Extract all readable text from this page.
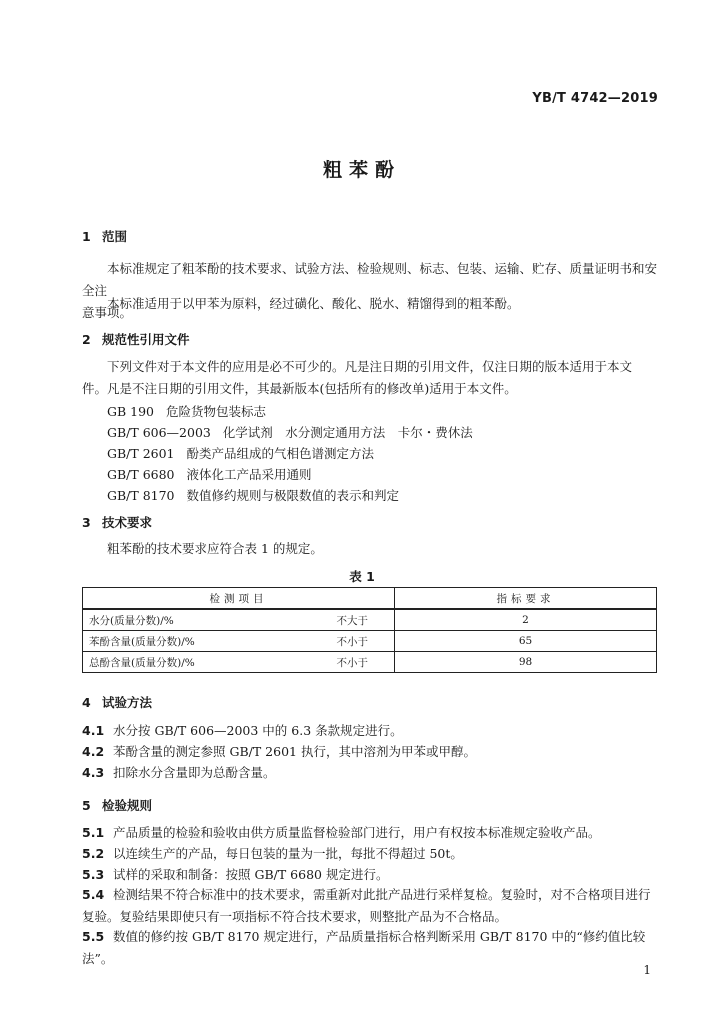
YB/T 4742—2019
粗苯酚
1 范围
本标准规定了粗苯酚的技术要求、试验方法、检验规则、标志、包装、运输、贮存、质量证明书和安全注
意事项。
本标准适用于以甲苯为原料，经过磺化、酸化、脱水、精馏得到的粗苯酚。
2 规范性引用文件
下列文件对于本文件的应用是必不可少的。凡是注日期的引用文件，仅注日期的版本适用于本文
件。凡是不注日期的引用文件，其最新版本(包括所有的修改单)适用于本文件。
GB 190 危险货物包装标志
GB/T 606—2003 化学试剂　水分测定通用方法　卡尔・费休法
GB/T 2601 酚类产品组成的气相色谱测定方法
GB/T 6680 液体化工产品采用通则
GB/T 8170 数值修约规则与极限数值的表示和判定
3 技术要求
粗苯酚的技术要求应符合表 1 的规定。
表 1
检测项目	指标要求
水分(质量分数)/% 不大于	2
苯酚含量(质量分数)/% 不小于	65
总酚含量(质量分数)/% 不小于	98
4 试验方法
4.1 水分按 GB/T 606—2003 中的 6.3 条款规定进行。
4.2 苯酚含量的测定参照 GB/T 2601 执行，其中溶剂为甲苯或甲醇。
4.3 扣除水分含量即为总酚含量。
5 检验规则
5.1 产品质量的检验和验收由供方质量监督检验部门进行，用户有权按本标准规定验收产品。
5.2 以连续生产的产品，每日包装的量为一批，每批不得超过 50t。
5.3 试样的采取和制备：按照 GB/T 6680 规定进行。
5.4 检测结果不符合标准中的技术要求，需重新对此批产品进行采样复检。复验时，对不合格项目进行
复验。复验结果即使只有一项指标不符合技术要求，则整批产品为不合格品。
5.5 数值的修约按 GB/T 8170 规定进行，产品质量指标合格判断采用 GB/T 8170 中的“修约值比较
法”。
1
